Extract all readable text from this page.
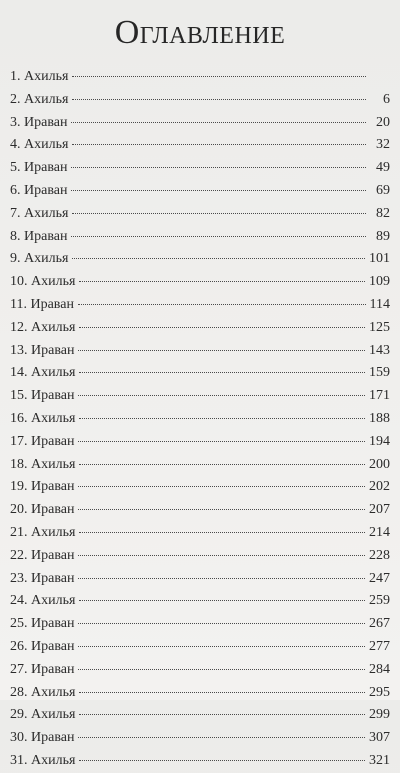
Оглавление
1. Ахилья
2. Ахилья	6
3. Ираван	20
4. Ахилья	32
5. Ираван	49
6. Ираван	69
7. Ахилья	82
8. Ираван	89
9. Ахилья	101
10. Ахилья	109
11. Ираван	114
12. Ахилья	125
13. Ираван	143
14. Ахилья	159
15. Ираван	171
16. Ахилья	188
17. Ираван	194
18. Ахилья	200
19. Ираван	202
20. Ираван	207
21. Ахилья	214
22. Ираван	228
23. Ираван	247
24. Ахилья	259
25. Ираван	267
26. Ираван	277
27. Ираван	284
28. Ахилья	295
29. Ахилья	299
30. Ираван	307
31. Ахилья	321
